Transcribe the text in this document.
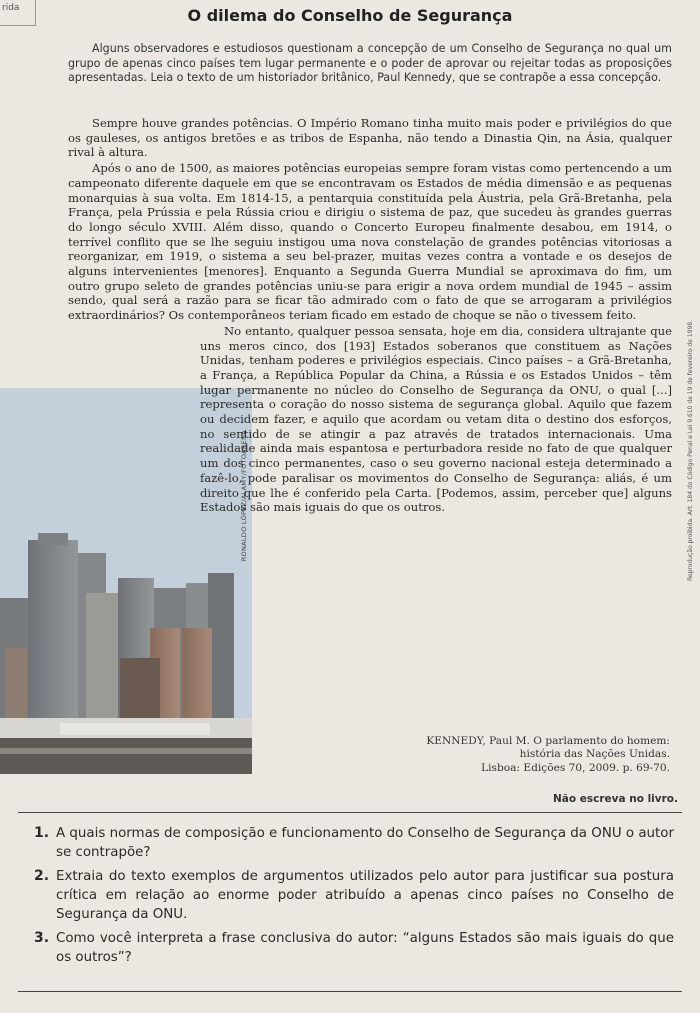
rida	O dilema do Conselho de Segurança

Alguns observadores e estudiosos questionam a concepção de um Conselho de Segurança no qual um grupo de apenas cinco países tem lugar permanente e o poder de aprovar ou rejeitar todas as proposições apresentadas. Leia o texto de um historiador britânico, Paul Kennedy, que se contrapõe a essa concepção.

RONALDO LÓPEZ/ALAMY/FOTOARENA

Sempre houve grandes potências. O Império Romano tinha muito mais poder e privilégios do que os gauleses, os antigos bretões e as tribos de Espanha, não tendo a Dinastia Qin, na Ásia, qualquer rival à altura.

Após o ano de 1500, as maiores potências europeias sempre foram vistas como pertencendo a um campeonato diferente daquele em que se encontravam os Estados de média dimensão e as pequenas monarquias à sua volta. Em 1814-15, a pentarquia constituída pela Áustria, pela Grã-Bretanha, pela França, pela Prússia e pela Rússia criou e dirigiu o sistema de paz, que sucedeu às grandes guerras do longo século XVIII. Além disso, quando o Concerto Europeu finalmente desabou, em 1914, o terrível conflito que se lhe seguiu instigou uma nova constelação de grandes potências vitoriosas a reorganizar, em 1919, o sistema a seu bel-prazer, muitas vezes contra a vontade e os desejos de alguns intervenientes [menores]. Enquanto a Segunda Guerra Mundial se aproximava do fim, um outro grupo seleto de grandes potências uniu-se para erigir a nova ordem mundial de 1945 – assim sendo, qual será a razão para se ficar tão admirado com o fato de que se arrogaram a privilégios extraordinários? Os contemporâneos teriam ficado em estado de choque se não o tivessem feito.

No entanto, qualquer pessoa sensata, hoje em dia, considera ultrajante que uns meros cinco, dos [193] Estados soberanos que constituem as Nações Unidas, tenham poderes e privilégios especiais. Cinco países – a Grã-Bretanha, a França, a República Popular da China, a Rússia e os Estados Unidos – têm lugar permanente no núcleo do Conselho de Segurança da ONU, o qual [...] representa o coração do nosso sistema de segurança global. Aquilo que fazem ou decidem fazer, e aquilo que acordam ou vetam dita o destino dos esforços, no sentido de se atingir a paz através de tratados internacionais. Uma realidade ainda mais espantosa e perturbadora reside no fato de que qualquer um dos cinco permanentes, caso o seu governo nacional esteja determinado a fazê-lo, pode paralisar os movimentos do Conselho de Segurança: aliás, é um direito que lhe é conferido pela Carta. [Podemos, assim, perceber que] alguns Estados são mais iguais do que os outros.	Reprodução proibida. Art. 184 do Código Penal e Lei 9.610 de 19 de fevereiro de 1998.
KENNEDY, Paul M. O parlamento do homem:
história das Nações Unidas.
Lisboa: Edições 70, 2009. p. 69-70.
Não escreva no livro.
1. A quais normas de composição e funcionamento do Conselho de Segurança da ONU o autor se contrapõe?
2. Extraia do texto exemplos de argumentos utilizados pelo autor para justificar sua postura crítica em relação ao enorme poder atribuído a apenas cinco países no Conselho de Segurança da ONU.
3. Como você interpreta a frase conclusiva do autor: “alguns Estados são mais iguais do que os outros”?
